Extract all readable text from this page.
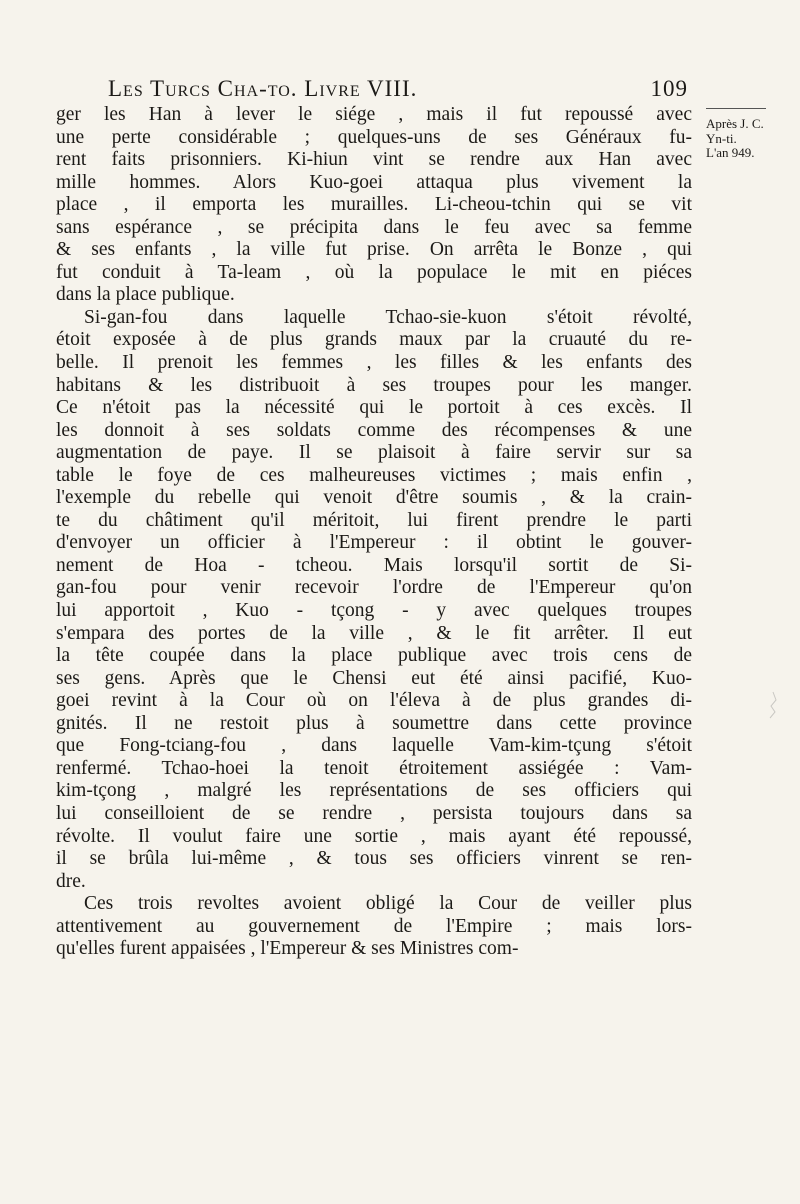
Les Turcs Cha-to. Livre VIII.	109
Après J. C.
Yn-ti.
L'an 949.
ger les Han à lever le siége , mais il fut repoussé avec
une perte considérable ; quelques-uns de ses Généraux fu-
rent faits prisonniers. Ki-hiun vint se rendre aux Han avec
mille hommes. Alors Kuo-goei attaqua plus vivement la
place , il emporta les murailles. Li-cheou-tchin qui se vit
sans espérance , se précipita dans le feu avec sa femme
& ses enfants , la ville fut prise. On arrêta le Bonze , qui
fut conduit à Ta-leam , où la populace le mit en piéces
dans la place publique.
Si-gan-fou dans laquelle Tchao-sie-kuon s'étoit révolté,
étoit exposée à de plus grands maux par la cruauté du re-
belle. Il prenoit les femmes , les filles & les enfants des
habitans & les distribuoit à ses troupes pour les manger.
Ce n'étoit pas la nécessité qui le portoit à ces excès. Il
les donnoit à ses soldats comme des récompenses & une
augmentation de paye. Il se plaisoit à faire servir sur sa
table le foye de ces malheureuses victimes ; mais enfin ,
l'exemple du rebelle qui venoit d'être soumis , & la crain-
te du châtiment qu'il méritoit, lui firent prendre le parti
d'envoyer un officier à l'Empereur : il obtint le gouver-
nement de Hoa - tcheou. Mais lorsqu'il sortit de Si-
gan-fou pour venir recevoir l'ordre de l'Empereur qu'on
lui apportoit , Kuo - tçong - y avec quelques troupes
s'empara des portes de la ville , & le fit arrêter. Il eut
la tête coupée dans la place publique avec trois cens de
ses gens. Après que le Chensi eut été ainsi pacifié, Kuo-
goei revint à la Cour où on l'éleva à de plus grandes di-
gnités. Il ne restoit plus à soumettre dans cette province
que Fong-tciang-fou , dans laquelle Vam-kim-tçung s'étoit
renfermé. Tchao-hoei la tenoit étroitement assiégée : Vam-
kim-tçong , malgré les représentations de ses officiers qui
lui conseilloient de se rendre , persista toujours dans sa
révolte. Il voulut faire une sortie , mais ayant été repoussé,
il se brûla lui-même , & tous ses officiers vinrent se ren-
dre.
Ces trois revoltes avoient obligé la Cour de veiller plus
attentivement au gouvernement de l'Empire ; mais lors-
qu'elles furent appaisées , l'Empereur & ses Ministres com-
